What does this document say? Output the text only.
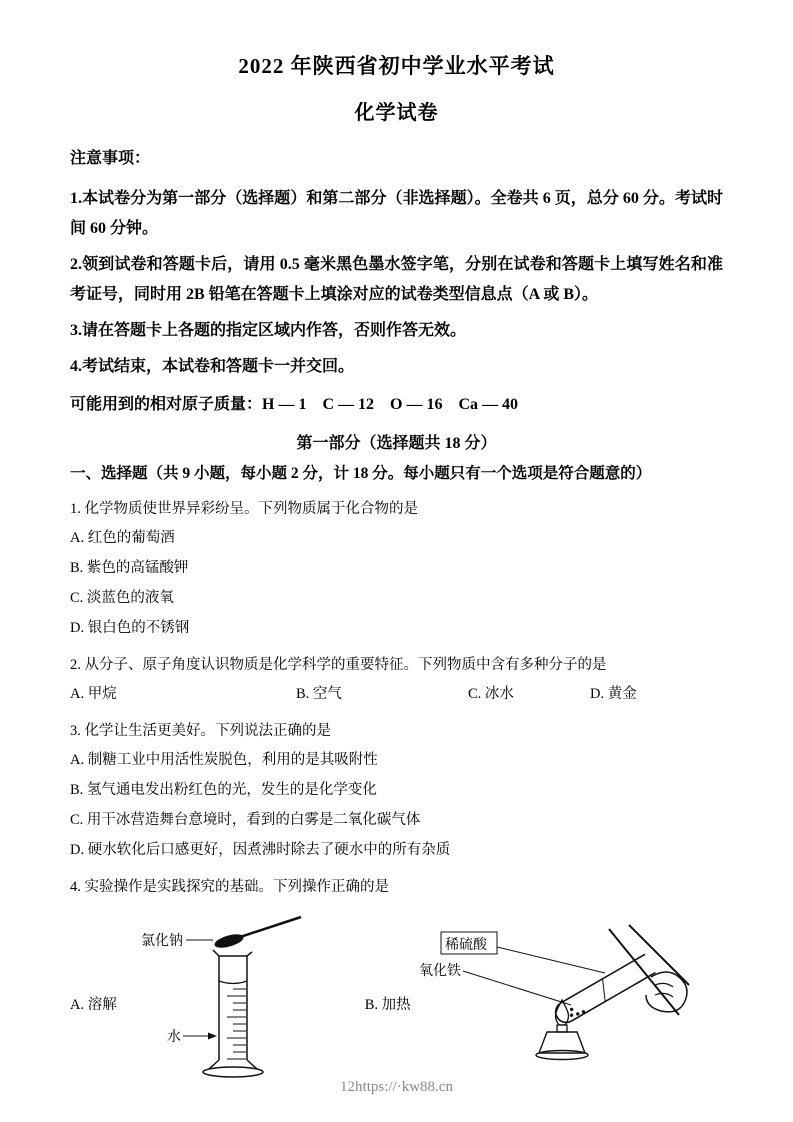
2022 年陕西省初中学业水平考试

化学试卷

注意事项：

1.本试卷分为第一部分（选择题）和第二部分（非选择题）。全卷共 6 页，总分 60 分。考试时间 60 分钟。

2.领到试卷和答题卡后，请用 0.5 毫米黑色墨水签字笔，分别在试卷和答题卡上填写姓名和准考证号，同时用 2B 铅笔在答题卡上填涂对应的试卷类型信息点（A 或 B）。

3.请在答题卡上各题的指定区域内作答，否则作答无效。

4.考试结束，本试卷和答题卡一并交回。

可能用到的相对原子质量：H — 1　C — 12　O — 16　Ca — 40

第一部分（选择题共 18 分）

一、选择题（共 9 小题，每小题 2 分，计 18 分。每小题只有一个选项是符合题意的）

1. 化学物质使世界异彩纷呈。下列物质属于化合物的是

A. 红色的葡萄酒

B. 紫色的高锰酸钾

C. 淡蓝色的液氧

D. 银白色的不锈钢

2. 从分子、原子角度认识物质是化学科学的重要特征。下列物质中含有多种分子的是

A. 甲烷	B. 空气	C. 冰水	D. 黄金

3. 化学让生活更美好。下列说法正确的是

A. 制糖工业中用活性炭脱色，利用的是其吸附性

B. 氢气通电发出粉红色的光，发生的是化学变化

C. 用干冰营造舞台意境时，看到的白雾是二氧化碳气体

D. 硬水软化后口感更好，因煮沸时除去了硬水中的所有杂质

4. 实验操作是实践探究的基础。下列操作正确的是

A. 溶解
氯化钠
水
B. 加热
稀硫酸
氧化铁
12https://·kw88.cn
